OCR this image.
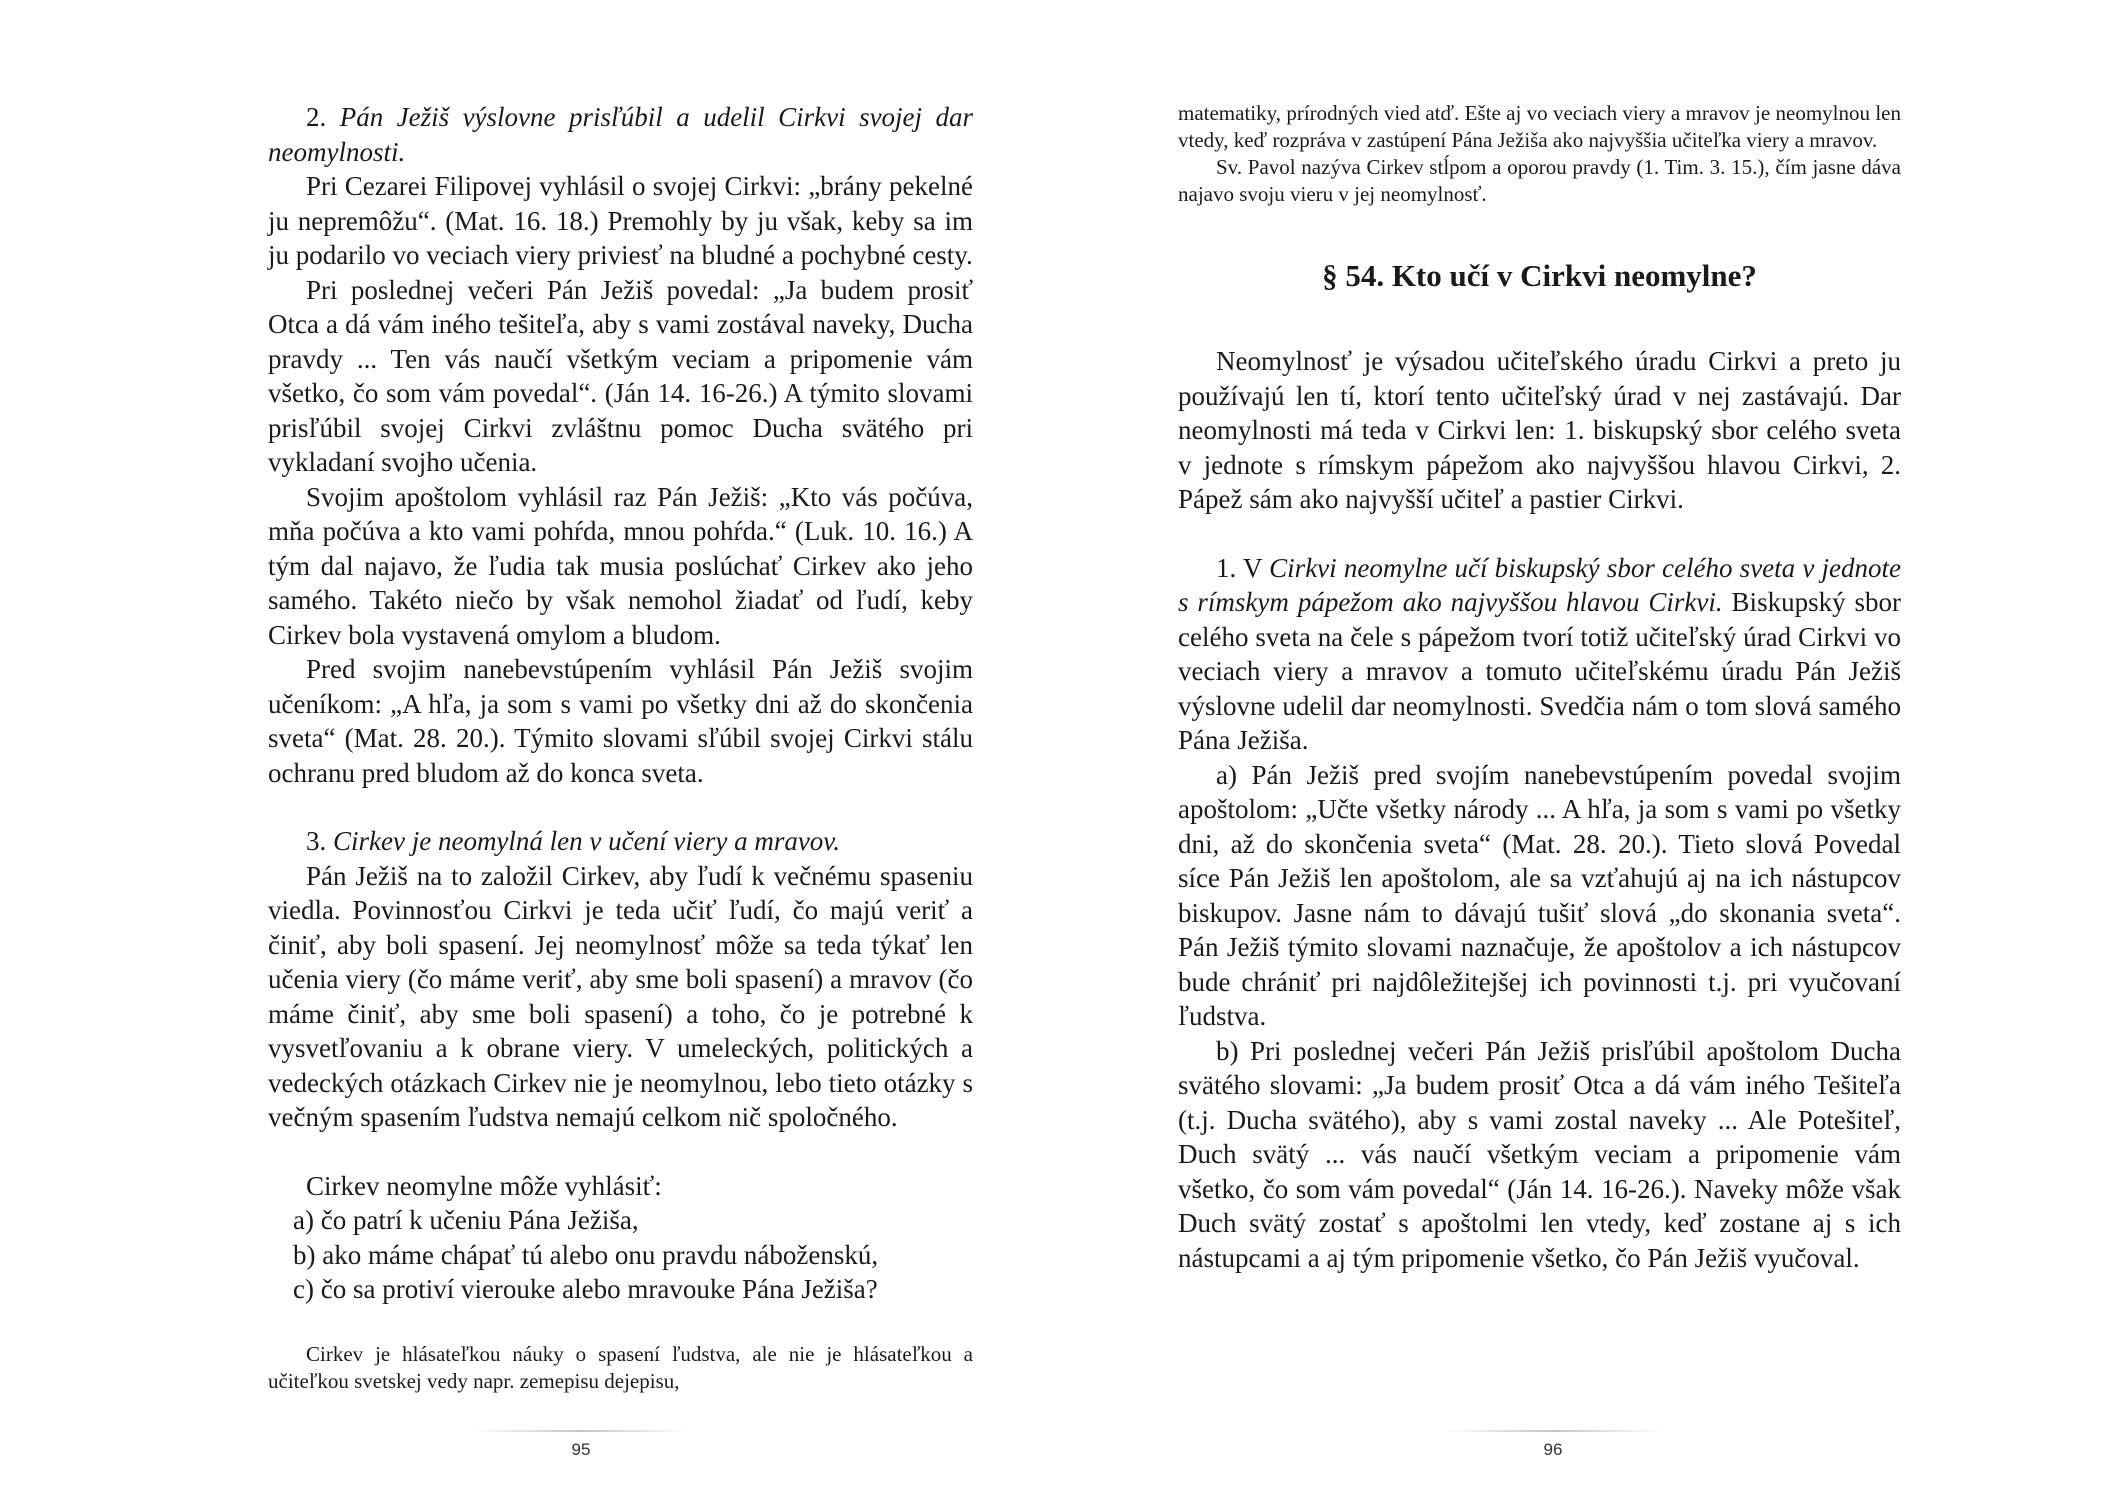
2. Pán Ježiš výslovne prisľúbil a udelil Cirkvi svojej dar neomylnosti.

Pri Cezarei Filipovej vyhlásil o svojej Cirkvi: „brány pekelné ju nepremôžu“. (Mat. 16. 18.) Premohly by ju však, keby sa im ju podarilo vo veciach viery priviesť na bludné a pochybné cesty.

Pri poslednej večeri Pán Ježiš povedal: „Ja budem prosiť Otca a dá vám iného tešiteľa, aby s vami zostával naveky, Ducha pravdy ... Ten vás naučí všetkým veciam a pripomenie vám všetko, čo som vám povedal“. (Ján 14. 16-26.) A týmito slovami prisľúbil svojej Cirkvi zvláštnu pomoc Ducha svätého pri vykladaní svojho učenia.

Svojim apoštolom vyhlásil raz Pán Ježiš: „Kto vás počúva, mňa počúva a kto vami pohŕda, mnou pohŕda.“ (Luk. 10. 16.) A tým dal najavo, že ľudia tak musia poslúchať Cirkev ako jeho samého. Takéto niečo by však nemohol žiadať od ľudí, keby Cirkev bola vystavená omylom a bludom.

Pred svojim nanebevstúpením vyhlásil Pán Ježiš svojim učeníkom: „A hľa, ja som s vami po všetky dni až do skončenia sveta“ (Mat. 28. 20.). Týmito slovami sľúbil svojej Cirkvi stálu ochranu pred bludom až do konca sveta.

3. Cirkev je neomylná len v učení viery a mravov.

Pán Ježiš na to založil Cirkev, aby ľudí k večnému spaseniu viedla. Povinnosťou Cirkvi je teda učiť ľudí, čo majú veriť a činiť, aby boli spasení. Jej neomylnosť môže sa teda týkať len učenia viery (čo máme veriť, aby sme boli spasení) a mravov (čo máme činiť, aby sme boli spasení) a toho, čo je potrebné k vysvetľovaniu a k obrane viery. V umeleckých, politických a vedeckých otázkach Cirkev nie je neomylnou, lebo tieto otázky s večným spasením ľudstva nemajú celkom nič spoločného.

Cirkev neomylne môže vyhlásiť:

a) čo patrí k učeniu Pána Ježiša,
b) ako máme chápať tú alebo onu pravdu náboženskú,
c) čo sa protiví vierouke alebo mravouke Pána Ježiša?

Cirkev je hlásateľkou náuky o spasení ľudstva, ale nie je hlásateľkou a učiteľkou svetskej vedy napr. zemepisu dejepisu,

95

matematiky, prírodných vied atď. Ešte aj vo veciach viery a mravov je neomylnou len vtedy, keď rozpráva v zastúpení Pána Ježiša ako najvyššia učiteľka viery a mravov.

Sv. Pavol nazýva Cirkev stĺpom a oporou pravdy (1. Tim. 3. 15.), čím jasne dáva najavo svoju vieru v jej neomylnosť.

§ 54. Kto učí v Cirkvi neomylne?

Neomylnosť je výsadou učiteľského úradu Cirkvi a preto ju používajú len tí, ktorí tento učiteľský úrad v nej zastávajú. Dar neomylnosti má teda v Cirkvi len: 1. biskupský sbor celého sveta v jednote s rímskym pápežom ako najvyššou hlavou Cirkvi, 2. Pápež sám ako najvyšší učiteľ a pastier Cirkvi.

1. V Cirkvi neomylne učí biskupský sbor celého sveta v jednote s rímskym pápežom ako najvyššou hlavou Cirkvi. Biskupský sbor celého sveta na čele s pápežom tvorí totiž učiteľský úrad Cirkvi vo veciach viery a mravov a tomuto učiteľskému úradu Pán Ježiš výslovne udelil dar neomylnosti. Svedčia nám o tom slová samého Pána Ježiša.

a) Pán Ježiš pred svojím nanebevstúpením povedal svojim apoštolom: „Učte všetky národy ... A hľa, ja som s vami po všetky dni, až do skončenia sveta“ (Mat. 28. 20.). Tieto slová Povedal síce Pán Ježiš len apoštolom, ale sa vzťahujú aj na ich nástupcov biskupov. Jasne nám to dávajú tušiť slová „do skonania sveta“. Pán Ježiš týmito slovami naznačuje, že apoštolov a ich nástupcov bude chrániť pri najdôležitejšej ich povinnosti t.j. pri vyučovaní ľudstva.

b) Pri poslednej večeri Pán Ježiš prisľúbil apoštolom Ducha svätého slovami: „Ja budem prosiť Otca a dá vám iného Tešiteľa (t.j. Ducha svätého), aby s vami zostal naveky ... Ale Potešiteľ, Duch svätý ... vás naučí všetkým veciam a pripomenie vám všetko, čo som vám povedal“ (Ján 14. 16-26.). Naveky môže však Duch svätý zostať s apoštolmi len vtedy, keď zostane aj s ich nástupcami a aj tým pripomenie všetko, čo Pán Ježiš vyučoval.

96
